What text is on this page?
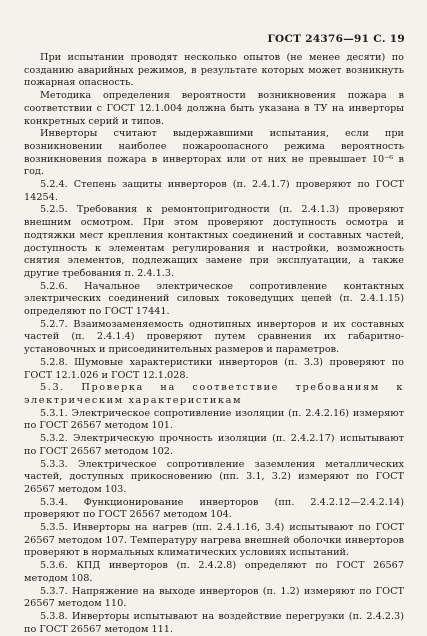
ГОСТ 24376—91 С. 19

При испытании проводят несколько опытов (не менее десяти) по созданию аварийных режимов, в результате которых может возникнуть пожарная опасность.

Методика определения вероятности возникновения пожара в соответствии с ГОСТ 12.1.004 должна быть указана в ТУ на инверторы конкретных серий и типов.

Инверторы считают выдержавшими испытания, если при возникновении наиболее пожароопасного режима вероятность возникновения пожара в инверторах или от них не превышает 10⁻⁶ в год.

5.2.4. Степень защиты инверторов (п. 2.4.1.7) проверяют по ГОСТ 14254.

5.2.5. Требования к ремонтопригодности (п. 2.4.1.3) проверяют внешним осмотром. При этом проверяют доступность осмотра и подтяжки мест крепления контактных соединений и составных частей, доступность к элементам регулирования и настройки, возможность снятия элементов, подлежащих замене при эксплуатации, а также другие требования п. 2.4.1.3.

5.2.6. Начальное электрическое сопротивление контактных электрических соединений силовых токоведущих цепей (п. 2.4.1.15) определяют по ГОСТ 17441.

5.2.7. Взаимозаменяемость однотипных инверторов и их составных частей (п. 2.4.1.4) проверяют путем сравнения их габаритно-установочных и присоединительных размеров и параметров.

5.2.8. Шумовые характеристики инверторов (п. 3.3) проверяют по ГОСТ 12.1.026 и ГОСТ 12.1.028.

5.3. Проверка на соответствие требованиям к электрическим характеристикам

5.3.1. Электрическое сопротивление изоляции (п. 2.4.2.16) измеряют по ГОСТ 26567 методом 101.

5.3.2. Электрическую прочность изоляции (п. 2.4.2.17) испытывают по ГОСТ 26567 методом 102.

5.3.3. Электрическое сопротивление заземления металлических частей, доступных прикосновению (пп. 3.1, 3.2) измеряют по ГОСТ 26567 методом 103.

5.3.4. Функционирование инверторов (пп. 2.4.2.12—2.4.2.14) проверяют по ГОСТ 26567 методом 104.

5.3.5. Инверторы на нагрев (пп. 2.4.1.16, 3.4) испытывают по ГОСТ 26567 методом 107. Температуру нагрева внешней оболочки инверторов проверяют в нормальных климатических условиях испытаний.

5.3.6. КПД инверторов (п. 2.4.2.8) определяют по ГОСТ 26567 методом 108.

5.3.7. Напряжение на выходе инверторов (п. 1.2) измеряют по ГОСТ 26567 методом 110.

5.3.8. Инверторы испытывают на воздействие перегрузки (п. 2.4.2.3) по ГОСТ 26567 методом 111.
